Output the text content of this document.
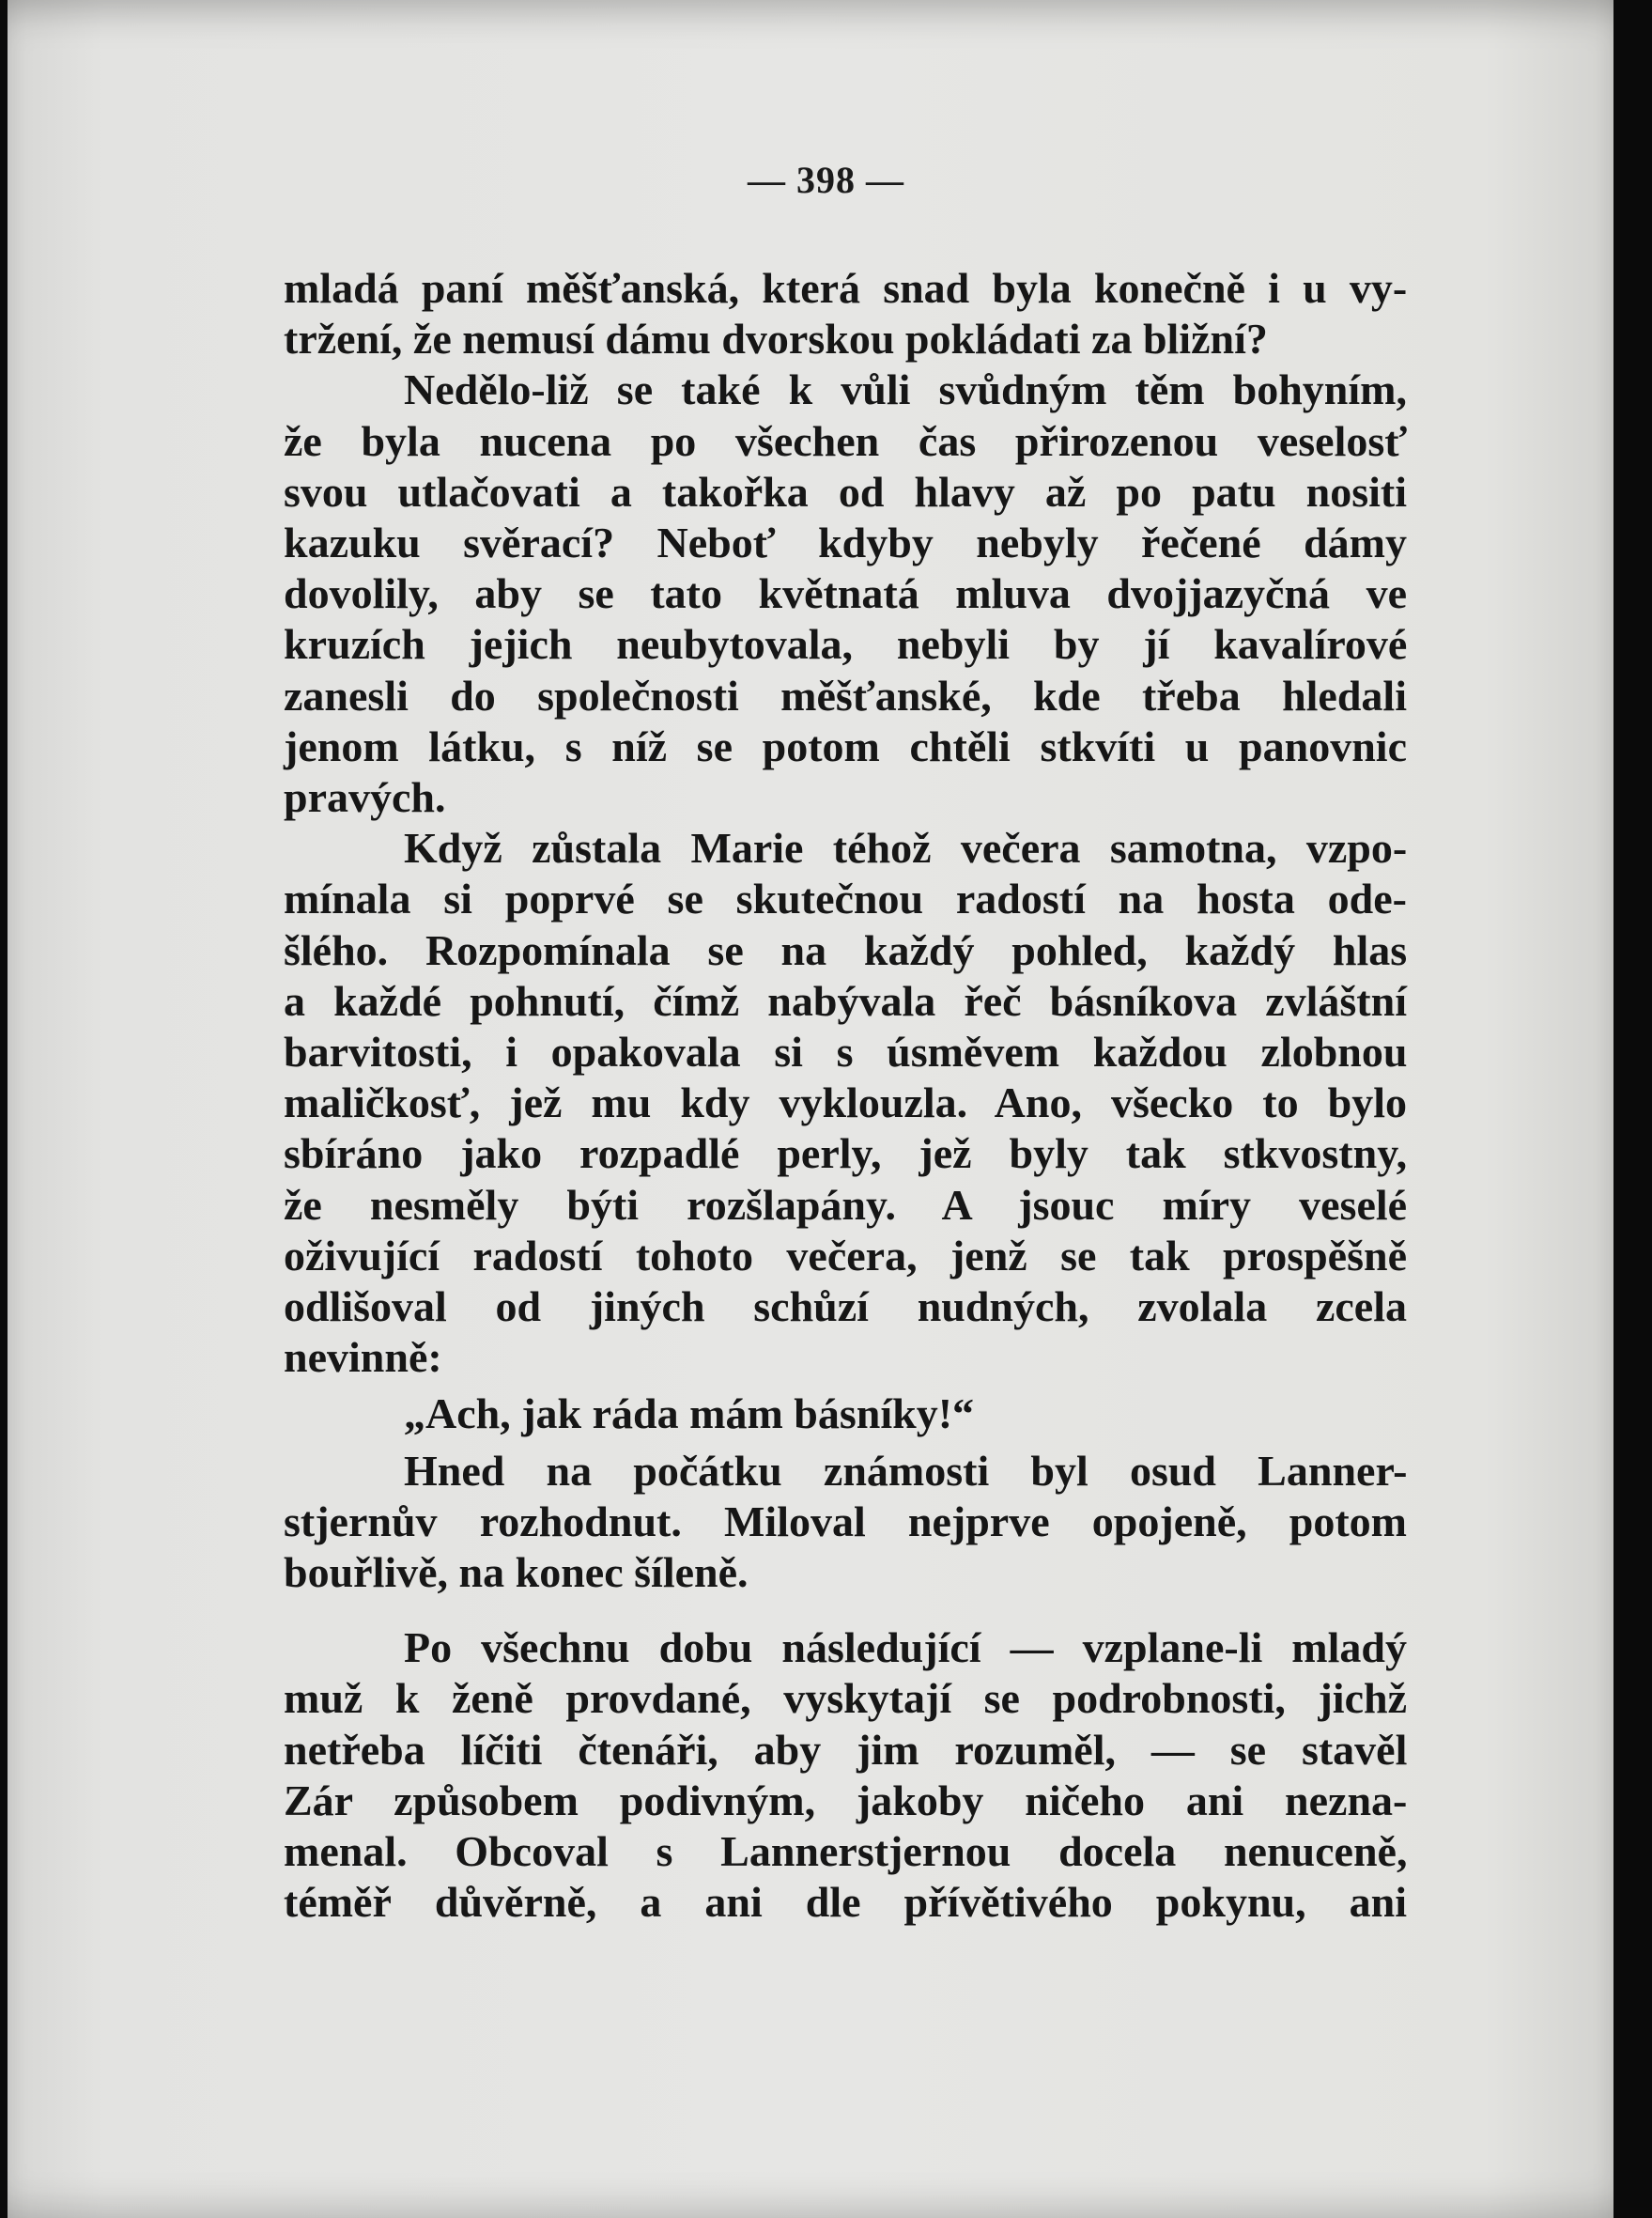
— 398 —

mladá paní měšťanská, která snad byla konečně i u vy-
tržení, že nemusí dámu dvorskou pokládati za bližní?

Nedělo-liž se také k vůli svůdným těm bohyním,
že byla nucena po všechen čas přirozenou veselosť
svou utlačovati a takořka od hlavy až po patu nositi
kazuku svěrací? Neboť kdyby nebyly řečené dámy
dovolily, aby se tato květnatá mluva dvojjazyčná ve
kruzích jejich neubytovala, nebyli by jí kavalírové
zanesli do společnosti měšťanské, kde třeba hledali
jenom látku, s níž se potom chtěli stkvíti u panovnic
pravých.

Když zůstala Marie téhož večera samotna, vzpo-
mínala si poprvé se skutečnou radostí na hosta ode-
šlého. Rozpomínala se na každý pohled, každý hlas
a každé pohnutí, čímž nabývala řeč básníkova zvláštní
barvitosti, i opakovala si s úsměvem každou zlobnou
maličkosť, jež mu kdy vyklouzla. Ano, všecko to bylo
sbíráno jako rozpadlé perly, jež byly tak stkvostny,
že nesměly býti rozšlapány. A jsouc míry veselé
oživující radostí tohoto večera, jenž se tak prospěšně
odlišoval od jiných schůzí nudných, zvolala zcela
nevinně:

„Ach, jak ráda mám básníky!“

Hned na počátku známosti byl osud Lanner-
stjernův rozhodnut. Miloval nejprve opojeně, potom
bouřlivě, na konec šíleně.

Po všechnu dobu následující — vzplane-li mladý
muž k ženě provdané, vyskytají se podrobnosti, jichž
netřeba líčiti čtenáři, aby jim rozuměl, — se stavěl
Zár způsobem podivným, jakoby ničeho ani nezna-
menal. Obcoval s Lannerstjernou docela nenuceně,
téměř důvěrně, a ani dle přívětivého pokynu, ani
